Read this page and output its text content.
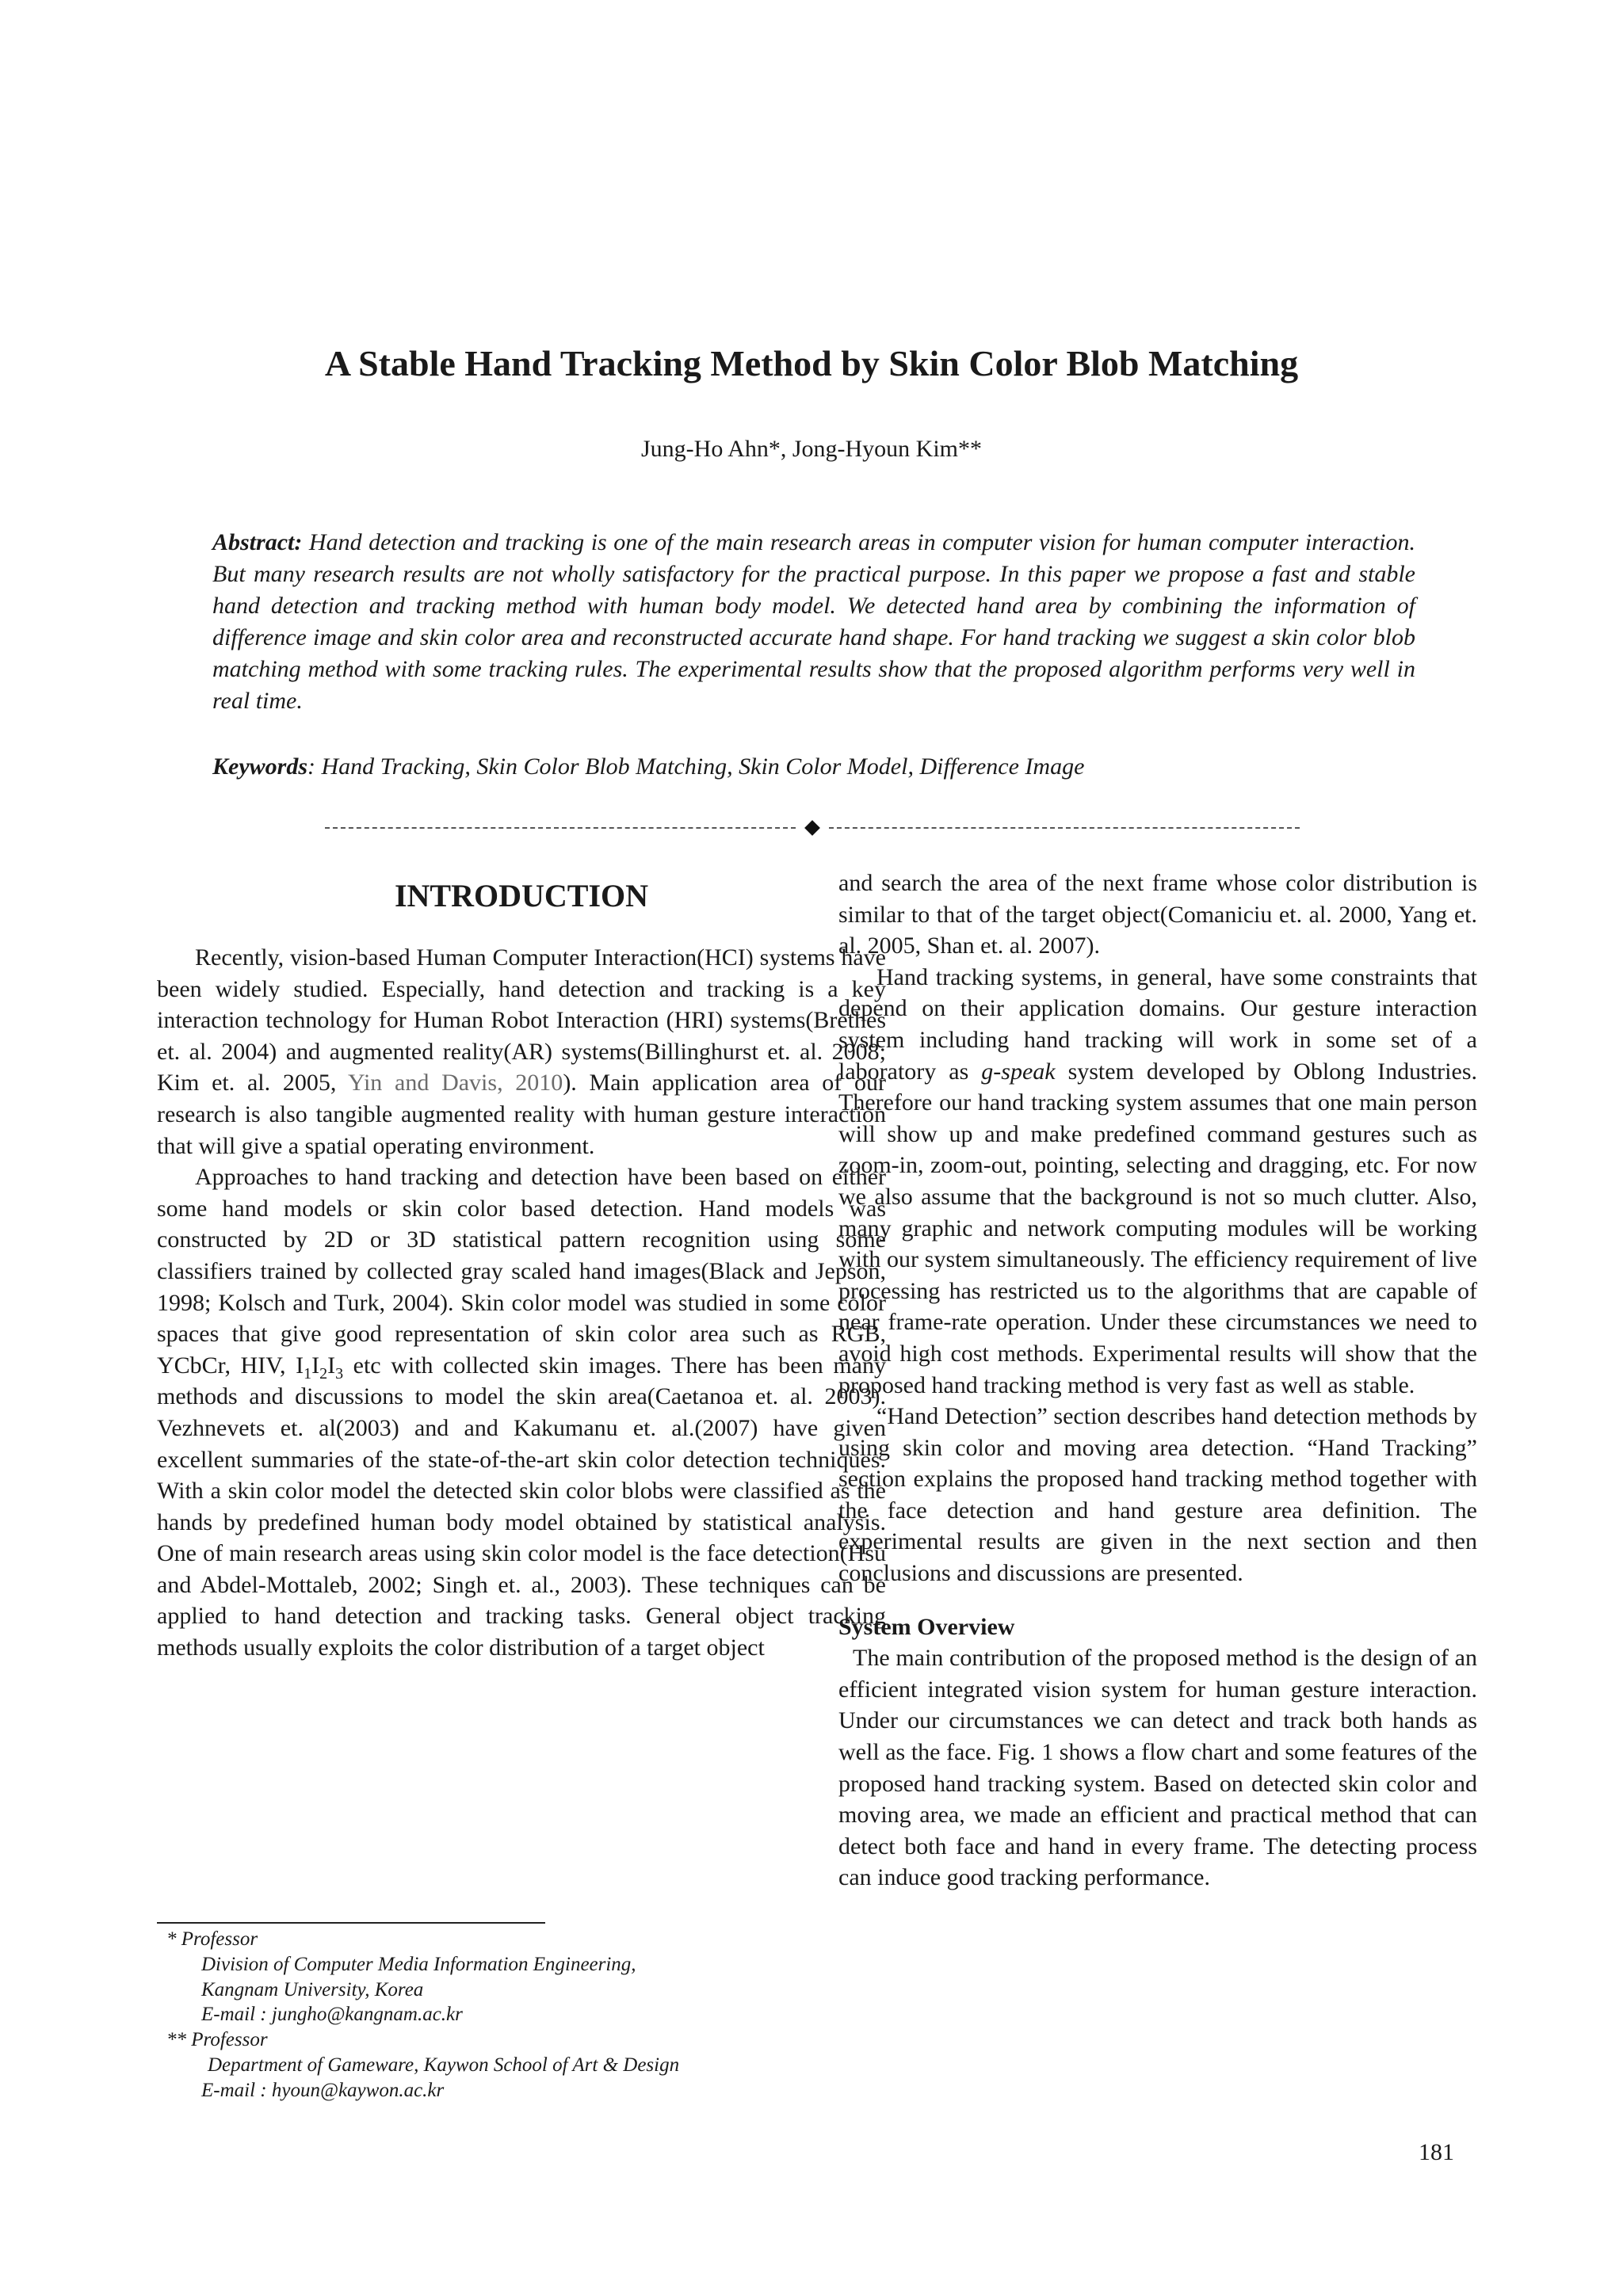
A Stable Hand Tracking Method by Skin Color Blob Matching
Jung-Ho Ahn*, Jong-Hyoun Kim**

Abstract: Hand detection and tracking is one of the main research areas in computer vision for human computer interaction. But many research results are not wholly satisfactory for the practical purpose. In this paper we propose a fast and stable hand detection and tracking method with human body model. We detected hand area by combining the information of difference image and skin color area and reconstructed accurate hand shape. For hand tracking we suggest a skin color blob matching method with some tracking rules. The experimental results show that the proposed algorithm performs very well in real time.

Keywords: Hand Tracking, Skin Color Blob Matching, Skin Color Model, Difference Image

INTRODUCTION

Recently, vision-based Human Computer Interaction(HCI) systems have been widely studied. Especially, hand detection and tracking is a key interaction technology for Human Robot Interaction (HRI) systems(Brethes et. al. 2004) and augmented reality(AR) systems(Billinghurst et. al. 2008; Kim et. al. 2005, Yin and Davis, 2010). Main application area of our research is also tangible augmented reality with human gesture interaction that will give a spatial operating environment.

Approaches to hand tracking and detection have been based on either some hand models or skin color based detection. Hand models was constructed by 2D or 3D statistical pattern recognition using some classifiers trained by collected gray scaled hand images(Black and Jepson, 1998; Kolsch and Turk, 2004). Skin color model was studied in some color spaces that give good representation of skin color area such as RGB, YCbCr, HIV, $I_1I_2I_3$ etc with collected skin images. There has been many methods and discussions to model the skin area(Caetanoa et. al. 2003). Vezhnevets et. al(2003) and and Kakumanu et. al.(2007) have given excellent summaries of the state-of-the-art skin color detection techniques. With a skin color model the detected skin color blobs were classified as the hands by predefined human body model obtained by statistical analysis. One of main research areas using skin color model is the face detection(Hsu and Abdel-Mottaleb, 2002; Singh et. al., 2003). These techniques can be applied to hand detection and tracking tasks. General object tracking methods usually exploits the color distribution of a target object

and search the area of the next frame whose color distribution is similar to that of the target object(Comaniciu et. al. 2000, Yang et. al. 2005, Shan et. al. 2007).

Hand tracking systems, in general, have some constraints that depend on their application domains. Our gesture interaction system including hand tracking will work in some set of a laboratory as g-speak system developed by Oblong Industries. Therefore our hand tracking system assumes that one main person will show up and make predefined command gestures such as zoom-in, zoom-out, pointing, selecting and dragging, etc. For now we also assume that the background is not so much clutter. Also, many graphic and network computing modules will be working with our system simultaneously. The efficiency requirement of live processing has restricted us to the algorithms that are capable of near frame-rate operation. Under these circumstances we need to avoid high cost methods. Experimental results will show that the proposed hand tracking method is very fast as well as stable.

“Hand Detection” section describes hand detection methods by using skin color and moving area detection. “Hand Tracking” section explains the proposed hand tracking method together with the face detection and hand gesture area definition. The experimental results are given in the next section and then conclusions and discussions are presented.

System Overview

The main contribution of the proposed method is the design of an efficient integrated vision system for human gesture interaction. Under our circumstances we can detect and track both hands as well as the face. Fig. 1 shows a flow chart and some features of the proposed hand tracking system. Based on detected skin color and moving area, we made an efficient and practical method that can detect both face and hand in every frame. The detecting process can induce good tracking performance.

* Professor
Division of Computer Media Information Engineering,
Kangnam University, Korea
E-mail : jungho@kangnam.ac.kr
** Professor
Department of Gameware, Kaywon School of Art & Design
E-mail : hyoun@kaywon.ac.kr
181
